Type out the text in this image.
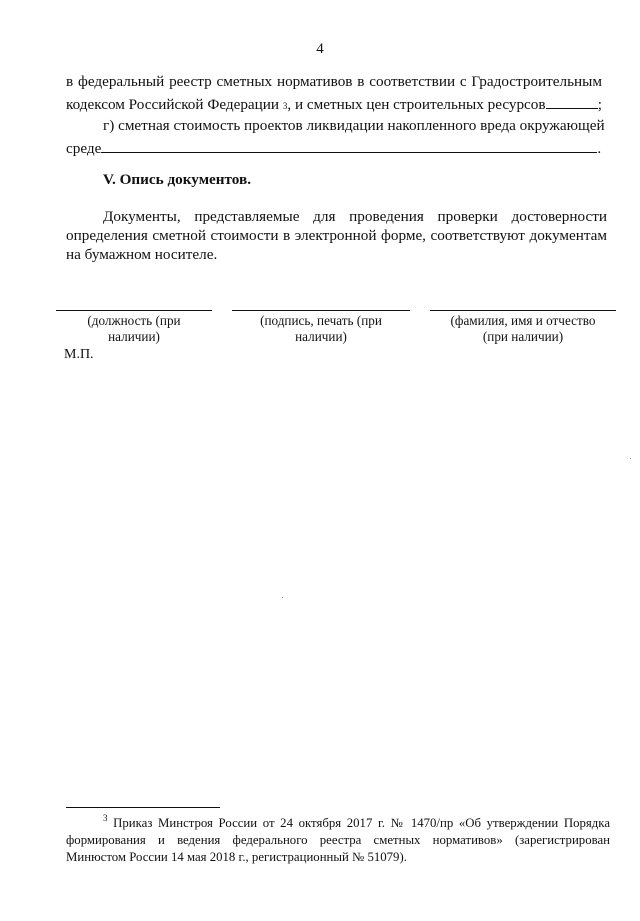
4
в федеральный реестр сметных нормативов в соответствии с Градостроительным
кодексом Российской Федерации 3 , и сметных цен строительных ресурсов	;
г) сметная стоимость проектов ликвидации накопленного вреда окружающей
среде	.
V. Опись документов.
Документы, представляемые для проведения проверки достоверности
определения сметной стоимости в электронной форме, соответствуют документам
на бумажном носителе.
(должность (при
наличии)
(подпись, печать (при
наличии)
(фамилия, имя и отчество
(при наличии)
М.П.
$^3$ Приказ Минстроя России от 24 октября 2017 г. № 1470/пр «Об утверждении Порядка
формирования и ведения федерального реестра сметных нормативов» (зарегистрирован
Минюстом России 14 мая 2018 г., регистрационный № 51079).
